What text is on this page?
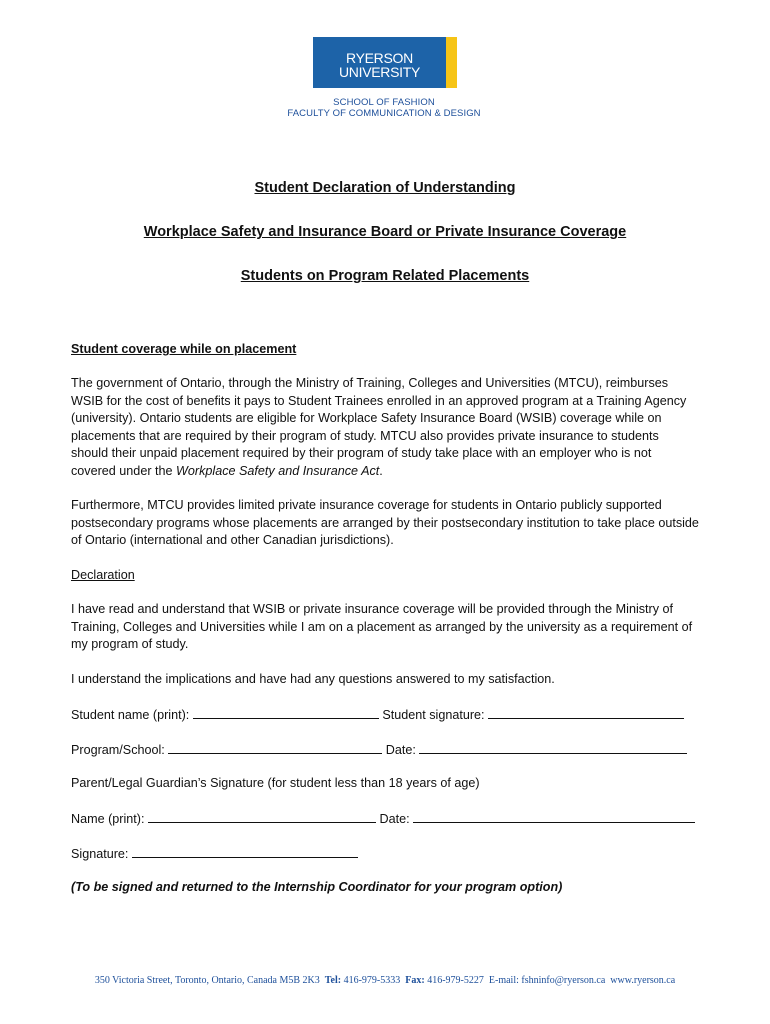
RYERSON
UNIVERSITY
SCHOOL OF FASHION
FACULTY OF COMMUNICATION & DESIGN
Student Declaration of Understanding
Workplace Safety and Insurance Board or Private Insurance Coverage
Students on Program Related Placements
Student coverage while on placement

The government of Ontario, through the Ministry of Training, Colleges and Universities (MTCU), reimburses WSIB for the cost of benefits it pays to Student Trainees enrolled in an approved program at a Training Agency (university). Ontario students are eligible for Workplace Safety Insurance Board (WSIB) coverage while on placements that are required by their program of study. MTCU also provides private insurance to students should their unpaid placement required by their program of study take place with an employer who is not covered under the Workplace Safety and Insurance Act.

Furthermore, MTCU provides limited private insurance coverage for students in Ontario publicly supported postsecondary programs whose placements are arranged by their postsecondary institution to take place outside of Ontario (international and other Canadian jurisdictions).

Declaration

I have read and understand that WSIB or private insurance coverage will be provided through the Ministry of Training, Colleges and Universities while I am on a placement as arranged by the university as a requirement of my program of study.

I understand the implications and have had any questions answered to my satisfaction.

Student name (print):	Student signature:
Program/School:	Date:
Parent/Legal Guardian’s Signature (for student less than 18 years of age)
Name (print):	Date:
Signature:
(To be signed and returned to the Internship Coordinator for your program option)
350 Victoria Street, Toronto, Ontario, Canada M5B 2K3 Tel: 416-979-5333 Fax: 416-979-5227 E-mail: fshninfo@ryerson.ca www.ryerson.ca
